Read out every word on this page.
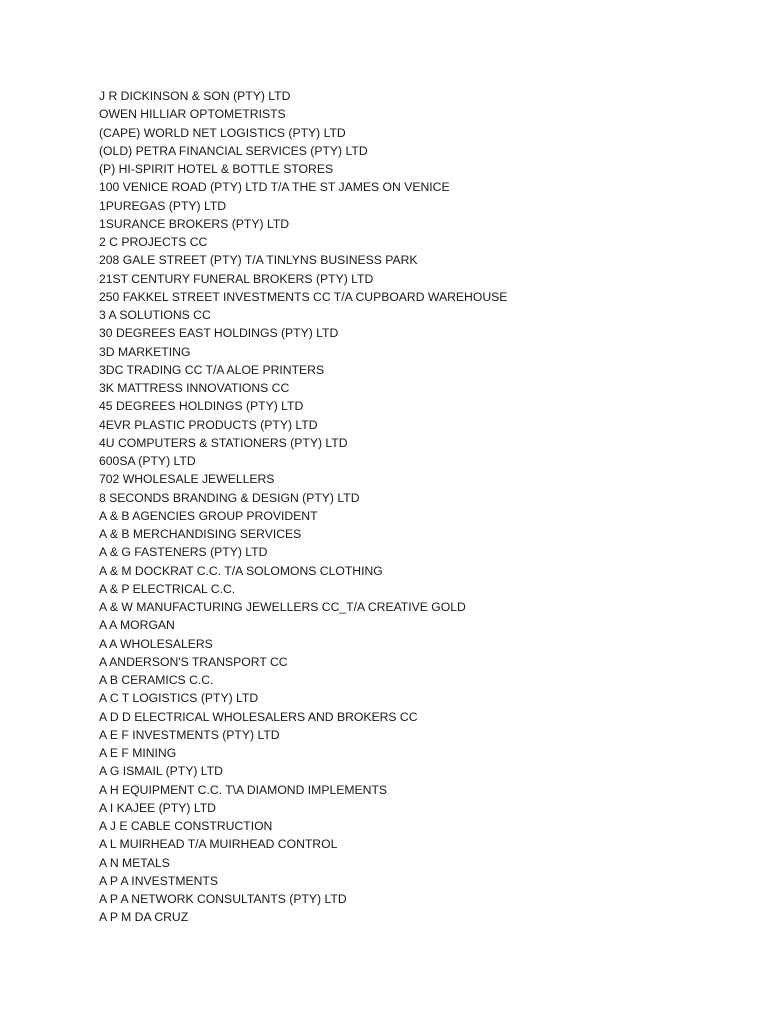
J R DICKINSON & SON (PTY) LTD
OWEN HILLIAR OPTOMETRISTS
(CAPE) WORLD NET LOGISTICS (PTY) LTD
(OLD) PETRA FINANCIAL SERVICES (PTY) LTD
(P) HI-SPIRIT HOTEL & BOTTLE STORES
100 VENICE ROAD (PTY) LTD T/A THE ST JAMES ON VENICE
1PUREGAS (PTY) LTD
1SURANCE BROKERS (PTY) LTD
2 C PROJECTS CC
208 GALE STREET (PTY) T/A TINLYNS BUSINESS PARK
21ST CENTURY FUNERAL BROKERS (PTY) LTD
250 FAKKEL STREET INVESTMENTS CC T/A CUPBOARD WAREHOUSE
3 A SOLUTIONS CC
30 DEGREES EAST HOLDINGS (PTY) LTD
3D MARKETING
3DC TRADING CC T/A ALOE PRINTERS
3K MATTRESS INNOVATIONS CC
45 DEGREES HOLDINGS (PTY) LTD
4EVR PLASTIC PRODUCTS (PTY) LTD
4U COMPUTERS & STATIONERS (PTY) LTD
600SA (PTY) LTD
702 WHOLESALE JEWELLERS
8 SECONDS BRANDING & DESIGN (PTY) LTD
A & B AGENCIES GROUP PROVIDENT
A & B MERCHANDISING SERVICES
A & G FASTENERS (PTY) LTD
A & M DOCKRAT C.C. T/A SOLOMONS CLOTHING
A & P ELECTRICAL C.C.
A & W MANUFACTURING JEWELLERS CC_T/A CREATIVE GOLD
A A MORGAN
A A WHOLESALERS
A ANDERSON'S TRANSPORT CC
A B CERAMICS C.C.
A C T LOGISTICS (PTY) LTD
A D D ELECTRICAL WHOLESALERS AND BROKERS CC
A E F INVESTMENTS (PTY) LTD
A E F MINING
A G ISMAIL (PTY) LTD
A H EQUIPMENT C.C. T\A DIAMOND IMPLEMENTS
A I KAJEE (PTY) LTD
A J E CABLE CONSTRUCTION
A L MUIRHEAD T/A MUIRHEAD CONTROL
A N METALS
A P A INVESTMENTS
A P A NETWORK CONSULTANTS (PTY) LTD
A P M DA CRUZ
